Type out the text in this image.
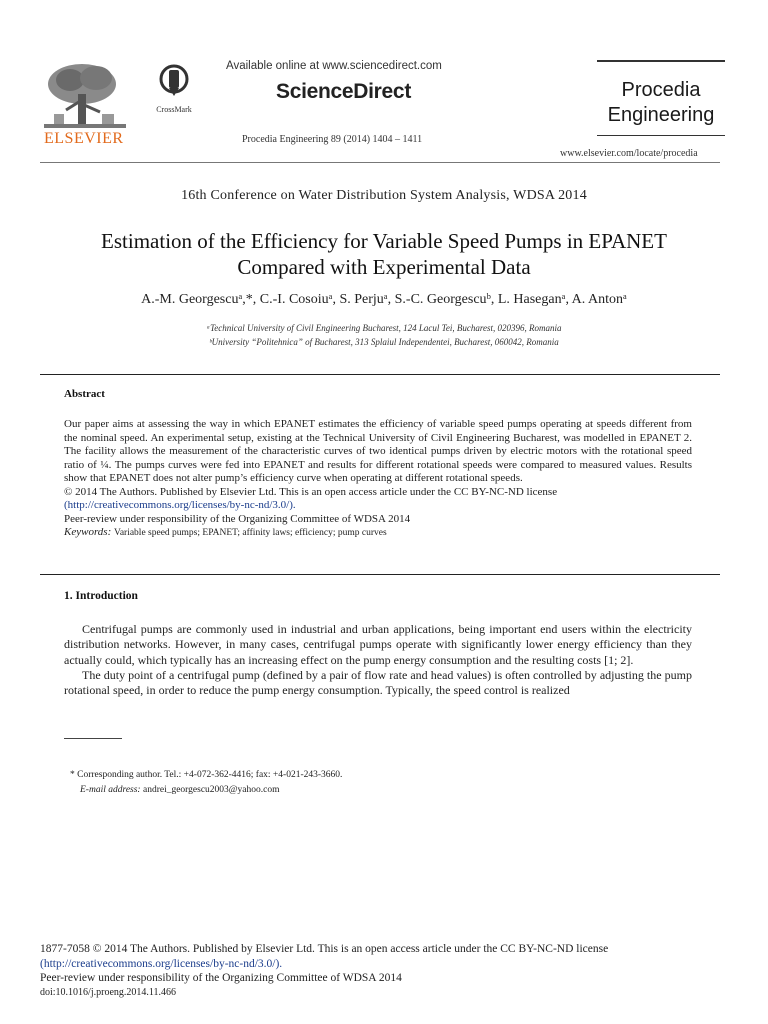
ELSEVIER
CrossMark
Available online at www.sciencedirect.com
ScienceDirect
Procedia Engineering 89 (2014) 1404 – 1411
Procedia
Engineering
www.elsevier.com/locate/procedia
16th Conference on Water Distribution System Analysis, WDSA 2014
Estimation of the Efficiency for Variable Speed Pumps in EPANET
Compared with Experimental Data
A.-M. Georgescuᵃ,*, C.-I. Cosoiuᵃ, S. Perjuᵃ, S.-C. Georgescuᵇ, L. Haseganᵃ, A. Antonᵃ
ᵃTechnical University of Civil Engineering Bucharest, 124 Lacul Tei, Bucharest, 020396, Romania
ᵇUniversity “Politehnica” of Bucharest, 313 Splaiul Independentei, Bucharest, 060042, Romania
Abstract

Our paper aims at assessing the way in which EPANET estimates the efficiency of variable speed pumps operating at speeds different from the nominal speed. An experimental setup, existing at the Technical University of Civil Engineering Bucharest, was modelled in EPANET 2. The facility allows the measurement of the characteristic curves of two identical pumps driven by electric motors with the rotational speed ratio of ¼. The pumps curves were fed into EPANET and results for different rotational speeds were compared to measured values. Results show that EPANET does not alter pump’s efficiency curve when operating at different rotational speeds.

© 2014 The Authors. Published by Elsevier Ltd. This is an open access article under the CC BY-NC-ND license

(http://creativecommons.org/licenses/by-nc-nd/3.0/).

Peer-review under responsibility of the Organizing Committee of WDSA 2014

Keywords: Variable speed pumps; EPANET; affinity laws; efficiency; pump curves

1. Introduction

Centrifugal pumps are commonly used in industrial and urban applications, being important end users within the electricity distribution networks. However, in many cases, centrifugal pumps operate with significantly lower energy efficiency than they actually could, which typically has an increasing effect on the pump energy consumption and the resulting costs [1; 2].

The duty point of a centrifugal pump (defined by a pair of flow rate and head values) is often controlled by adjusting the pump rotational speed, in order to reduce the pump energy consumption. Typically, the speed control is realized

* Corresponding author. Tel.: +4-072-362-4416; fax: +4-021-243-3660.
E-mail address: andrei_georgescu2003@yahoo.com
1877-7058 © 2014 The Authors. Published by Elsevier Ltd. This is an open access article under the CC BY-NC-ND license
(http://creativecommons.org/licenses/by-nc-nd/3.0/).
Peer-review under responsibility of the Organizing Committee of WDSA 2014
doi:10.1016/j.proeng.2014.11.466
